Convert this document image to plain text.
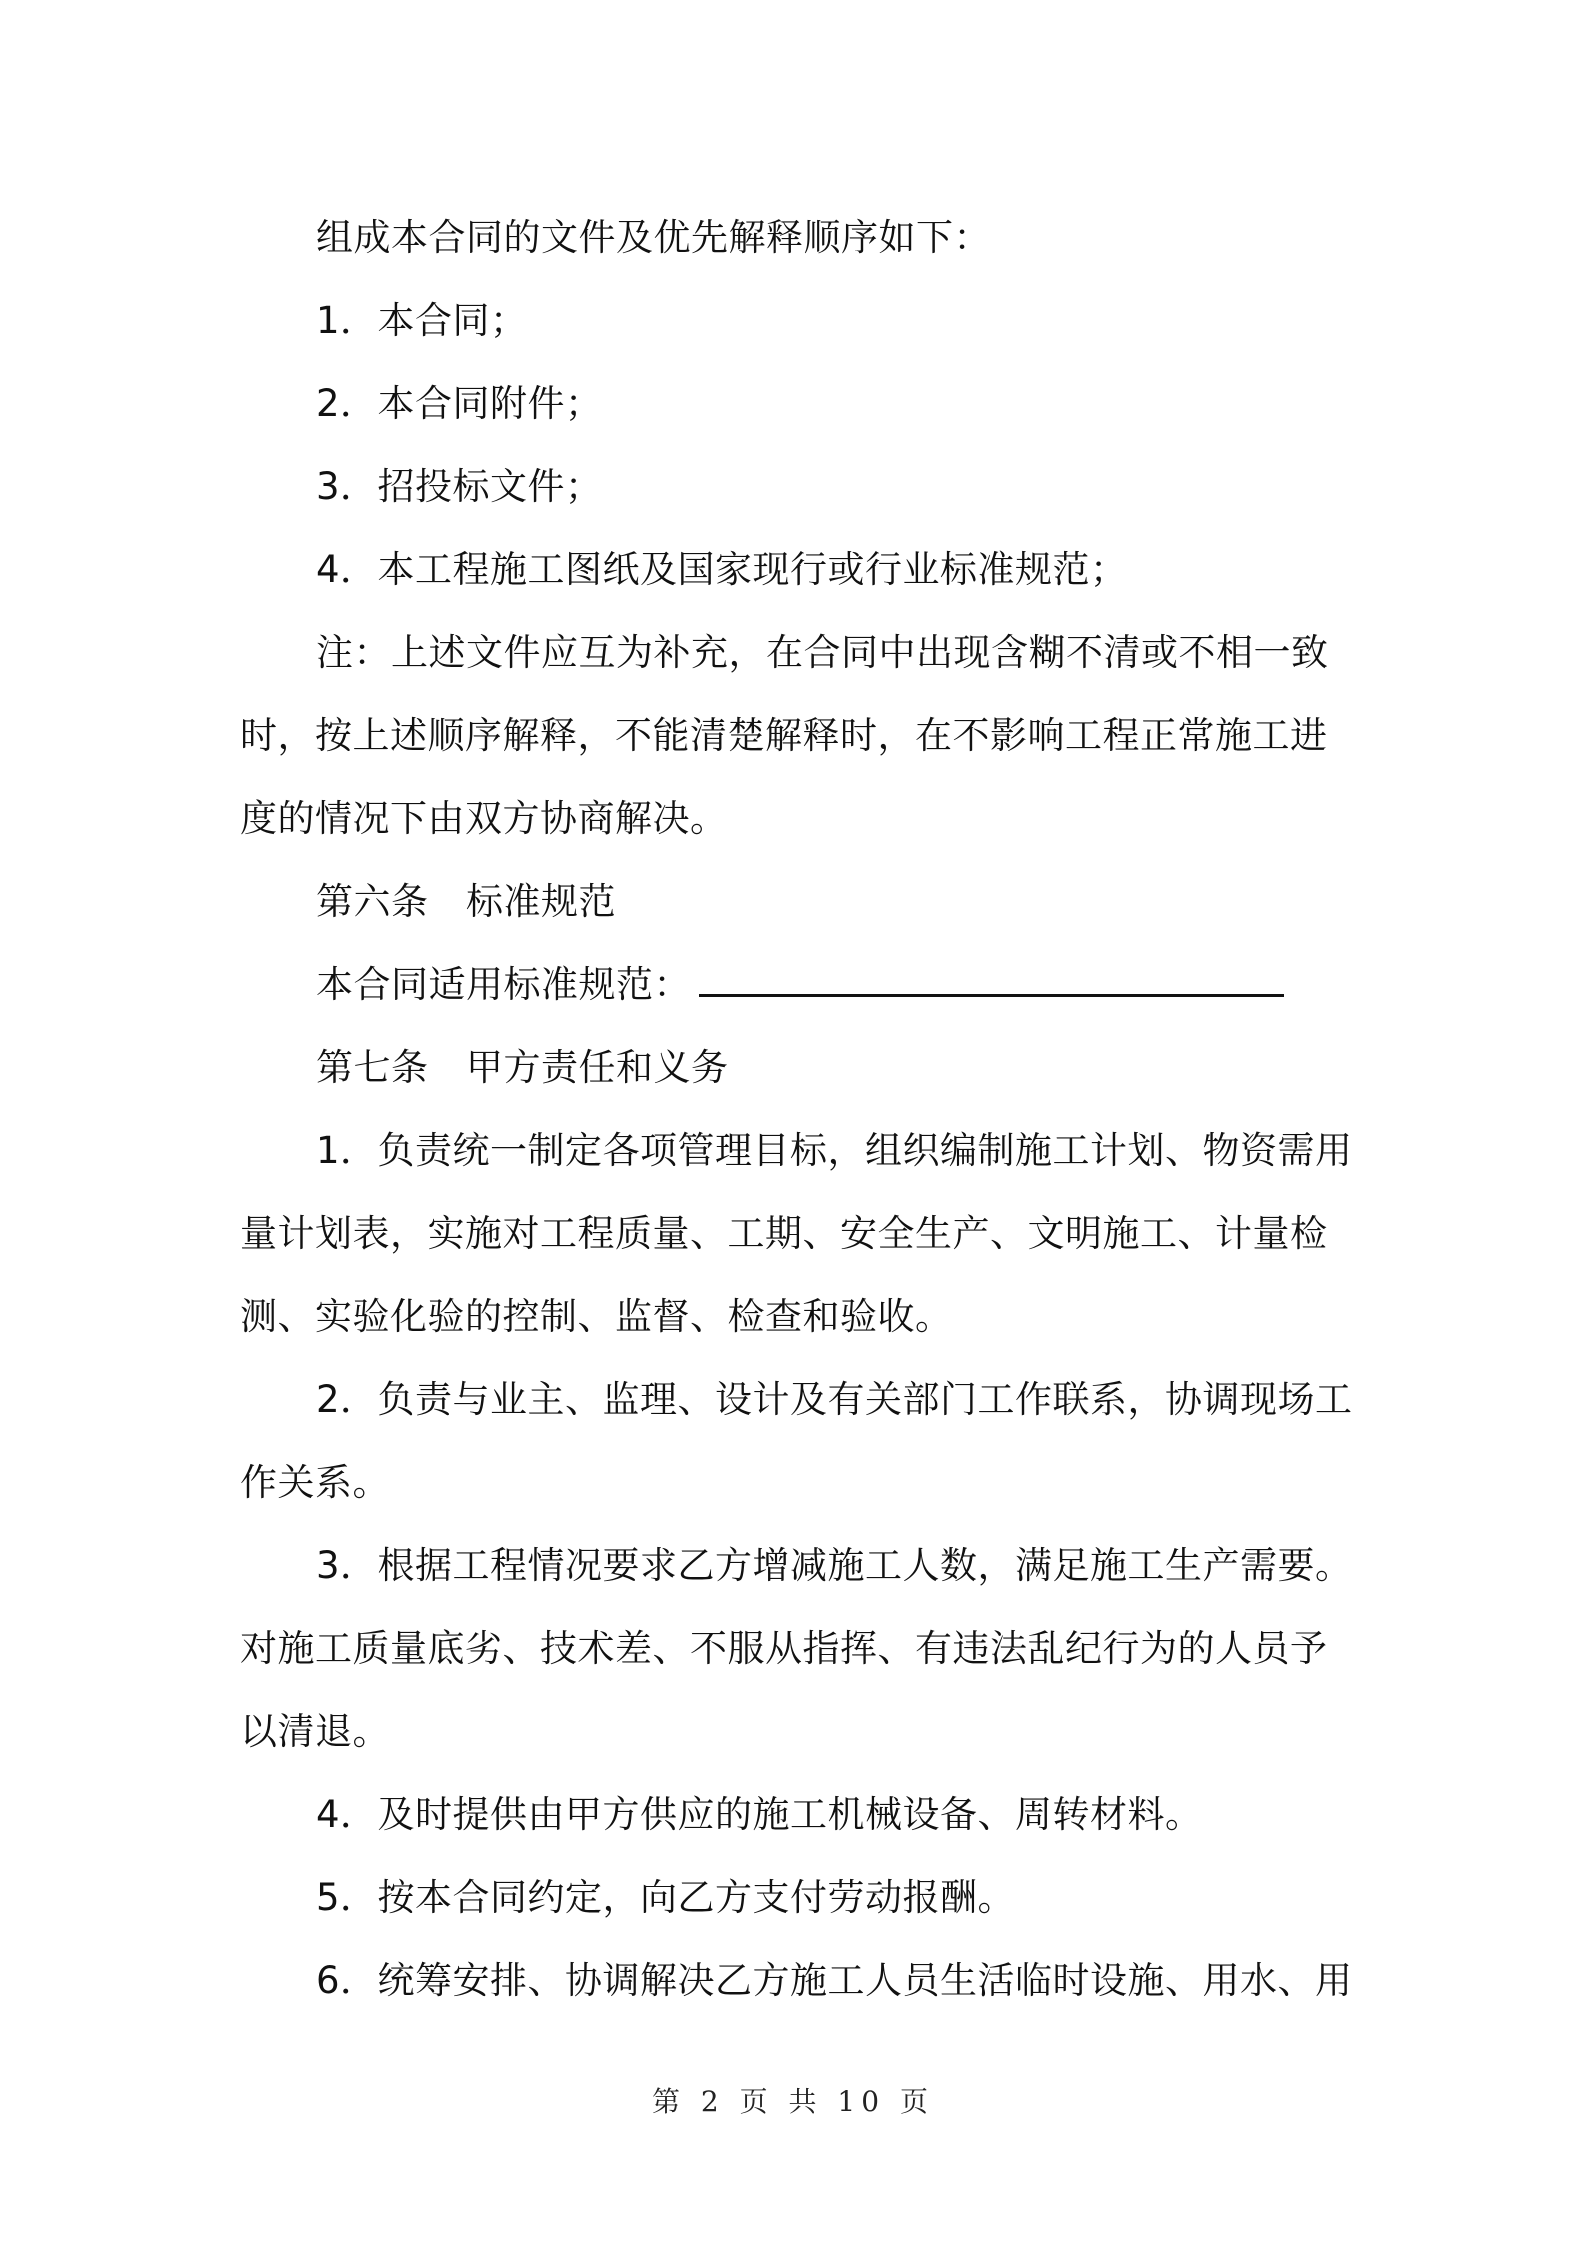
组成本合同的文件及优先解释顺序如下：

1．本合同；

2．本合同附件；

3．招投标文件；

4．本工程施工图纸及国家现行或行业标准规范；

注：上述文件应互为补充，在合同中出现含糊不清或不相一致时，按上述顺序解释，不能清楚解释时，在不影响工程正常施工进度的情况下由双方协商解决。

第六条　标准规范

本合同适用标准规范：

第七条　甲方责任和义务

1．负责统一制定各项管理目标，组织编制施工计划、物资需用量计划表，实施对工程质量、工期、安全生产、文明施工、计量检测、实验化验的控制、监督、检查和验收。

2．负责与业主、监理、设计及有关部门工作联系，协调现场工作关系。

3．根据工程情况要求乙方增减施工人数，满足施工生产需要。对施工质量底劣、技术差、不服从指挥、有违法乱纪行为的人员予以清退。

4．及时提供由甲方供应的施工机械设备、周转材料。

5．按本合同约定，向乙方支付劳动报酬。

6．统筹安排、协调解决乙方施工人员生活临时设施、用水、用

第 2 页 共 10 页
